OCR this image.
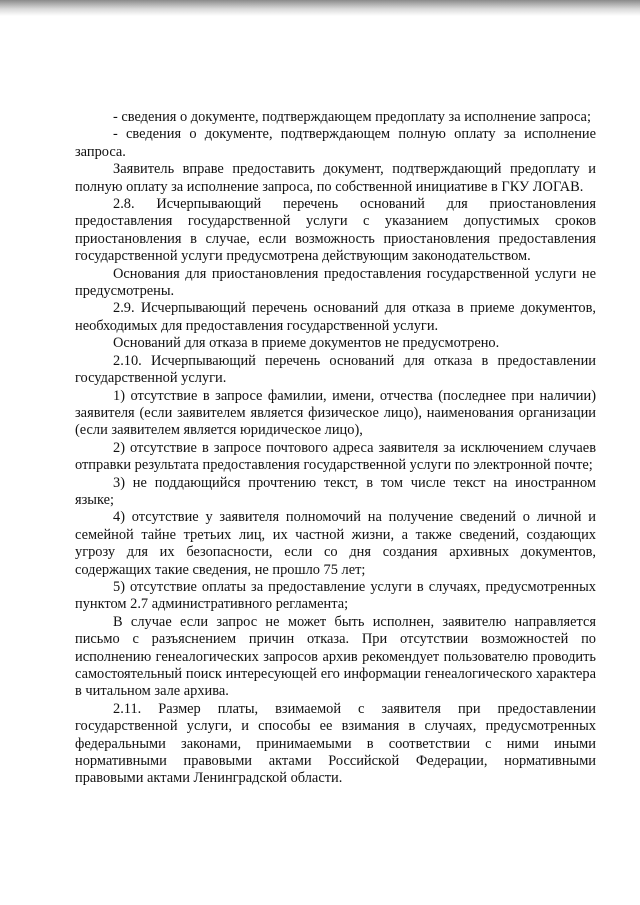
- сведения о документе, подтверждающем предоплату за исполнение запроса;

- сведения о документе, подтверждающем полную оплату за исполнение запроса.

Заявитель вправе предоставить документ, подтверждающий предоплату и полную оплату за исполнение запроса, по собственной инициативе в ГКУ ЛОГАВ.

2.8. Исчерпывающий перечень оснований для приостановления предоставления государственной услуги с указанием допустимых сроков приостановления в случае, если возможность приостановления предоставления государственной услуги предусмотрена действующим законодательством.

Основания для приостановления предоставления государственной услуги не предусмотрены.

2.9. Исчерпывающий перечень оснований для отказа в приеме документов, необходимых для предоставления государственной услуги.

Оснований для отказа в приеме документов не предусмотрено.

2.10. Исчерпывающий перечень оснований для отказа в предоставлении государственной услуги.

1) отсутствие в запросе фамилии, имени, отчества (последнее при наличии) заявителя (если заявителем является физическое лицо), наименования организации (если заявителем является юридическое лицо),

2) отсутствие в запросе почтового адреса заявителя за исключением случаев отправки результата предоставления государственной услуги по электронной почте;

3) не поддающийся прочтению текст, в том числе текст на иностранном языке;

4) отсутствие у заявителя полномочий на получение сведений о личной и семейной тайне третьих лиц, их частной жизни, а также сведений, создающих угрозу для их безопасности, если со дня создания архивных документов, содержащих такие сведения, не прошло 75 лет;

5) отсутствие оплаты за предоставление услуги в случаях, предусмотренных пунктом 2.7 административного регламента;

В случае если запрос не может быть исполнен, заявителю направляется письмо с разъяснением причин отказа. При отсутствии возможностей по исполнению генеалогических запросов архив рекомендует пользователю проводить самостоятельный поиск интересующей его информации генеалогического характера в читальном зале архива.

2.11. Размер платы, взимаемой с заявителя при предоставлении государственной услуги, и способы ее взимания в случаях, предусмотренных федеральными законами, принимаемыми в соответствии с ними иными нормативными правовыми актами Российской Федерации, нормативными правовыми актами Ленинградской области.
